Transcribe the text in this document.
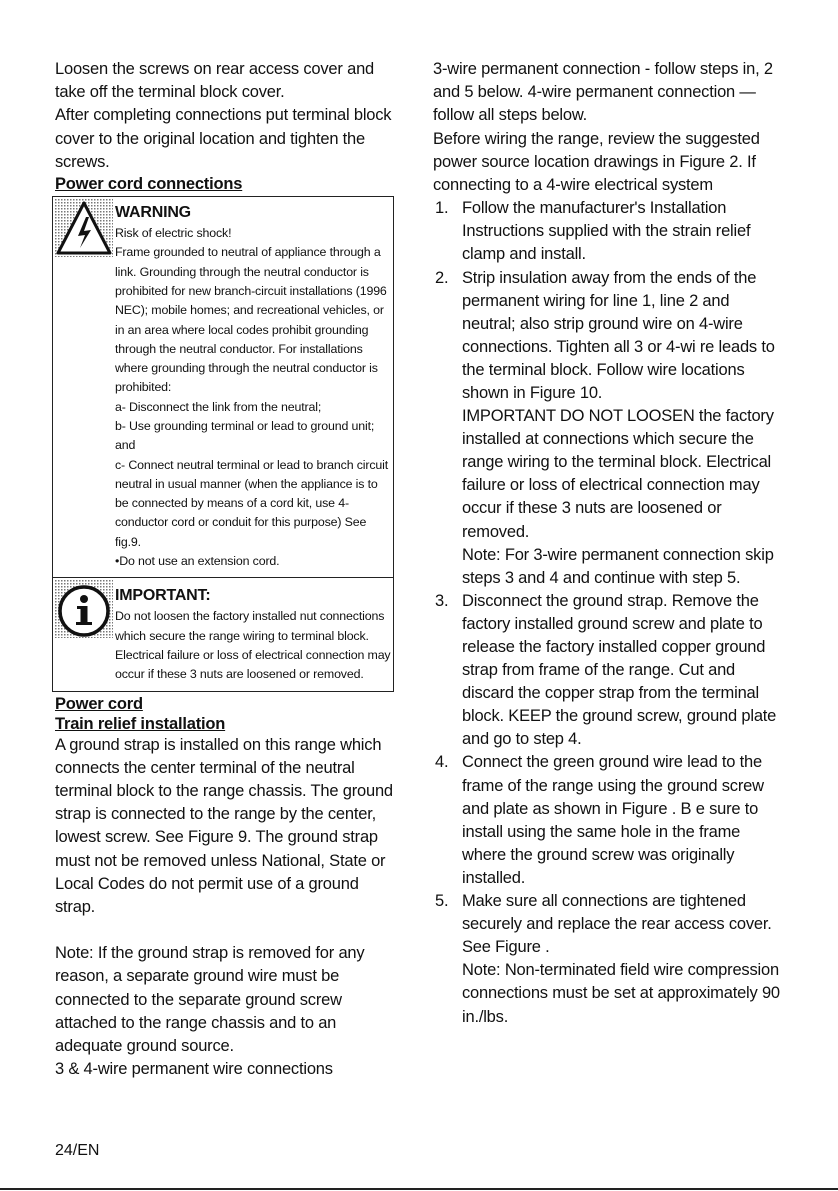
Loosen the screws on rear access cover and take off the terminal block cover.

After completing connections put terminal block cover to the original location and tighten the screws.

Power cord connections

WARNING

Risk of electric shock!

Frame grounded to neutral of appliance through a link. Grounding through the neutral conductor is prohibited for new branch-circuit installations (1996 NEC); mobile homes; and recreational vehicles, or in an area where local codes prohibit grounding through the neutral conductor. For installations where grounding through the neutral conductor is prohibited:

a- Disconnect the link from the neutral;

b- Use grounding terminal or lead to ground unit; and

c- Connect neutral terminal or lead to branch circuit neutral in usual manner (when the appliance is to be connected by means of a cord kit, use 4-conductor cord or conduit for this purpose) See fig.9.

•Do not use an extension cord.

IMPORTANT:

Do not loosen the factory installed nut connections which secure the range wiring to terminal block. Electrical failure or loss of electrical connection may occur if these 3 nuts are loosened or removed.

Power cord

Train relief installation

A ground strap is installed on this range which connects the center terminal of the neutral terminal block to the range chassis. The ground strap is connected to the range by the center, lowest screw. See Figure 9. The ground strap must not be removed unless National, State or Local Codes do not permit use of a ground strap.

Note: If the ground strap is removed for any reason, a separate ground wire must be connected to the separate ground screw attached to the range chassis and to an adequate ground source.

3 & 4-wire permanent wire connections

3-wire permanent connection - follow steps in, 2 and 5 below. 4-wire permanent connection — follow all steps below.

Before wiring the range, review the suggested power source location drawings in Figure 2. If connecting to a 4-wire electrical system

1. Follow the manufacturer's Installation Instructions supplied with the strain relief clamp and install.
2. Strip insulation away from the ends of the permanent wiring for line 1, line 2 and neutral; also strip ground wire on 4-wire connections. Tighten all 3 or 4-wi re leads to the terminal block. Follow wire locations shown in Figure 10.
IMPORTANT DO NOT LOOSEN the factory installed at connections which secure the range wiring to the terminal block. Electrical failure or loss of electrical connection may occur if these 3 nuts are loosened or removed.
Note: For 3-wire permanent connection skip steps 3 and 4 and continue with step 5.
3. Disconnect the ground strap. Remove the factory installed ground screw and plate to release the factory installed copper ground strap from frame of the range. Cut and discard the copper strap from the terminal block. KEEP the ground screw, ground plate and go to step 4.
4. Connect the green ground wire lead to the frame of the range using the ground screw and plate as shown in Figure . B e sure to install using the same hole in the frame where the ground screw was originally installed.
5. Make sure all connections are tightened securely and replace the rear access cover. See Figure .
Note: Non-terminated field wire compression connections must be set at approximately 90 in./lbs.
24/EN
